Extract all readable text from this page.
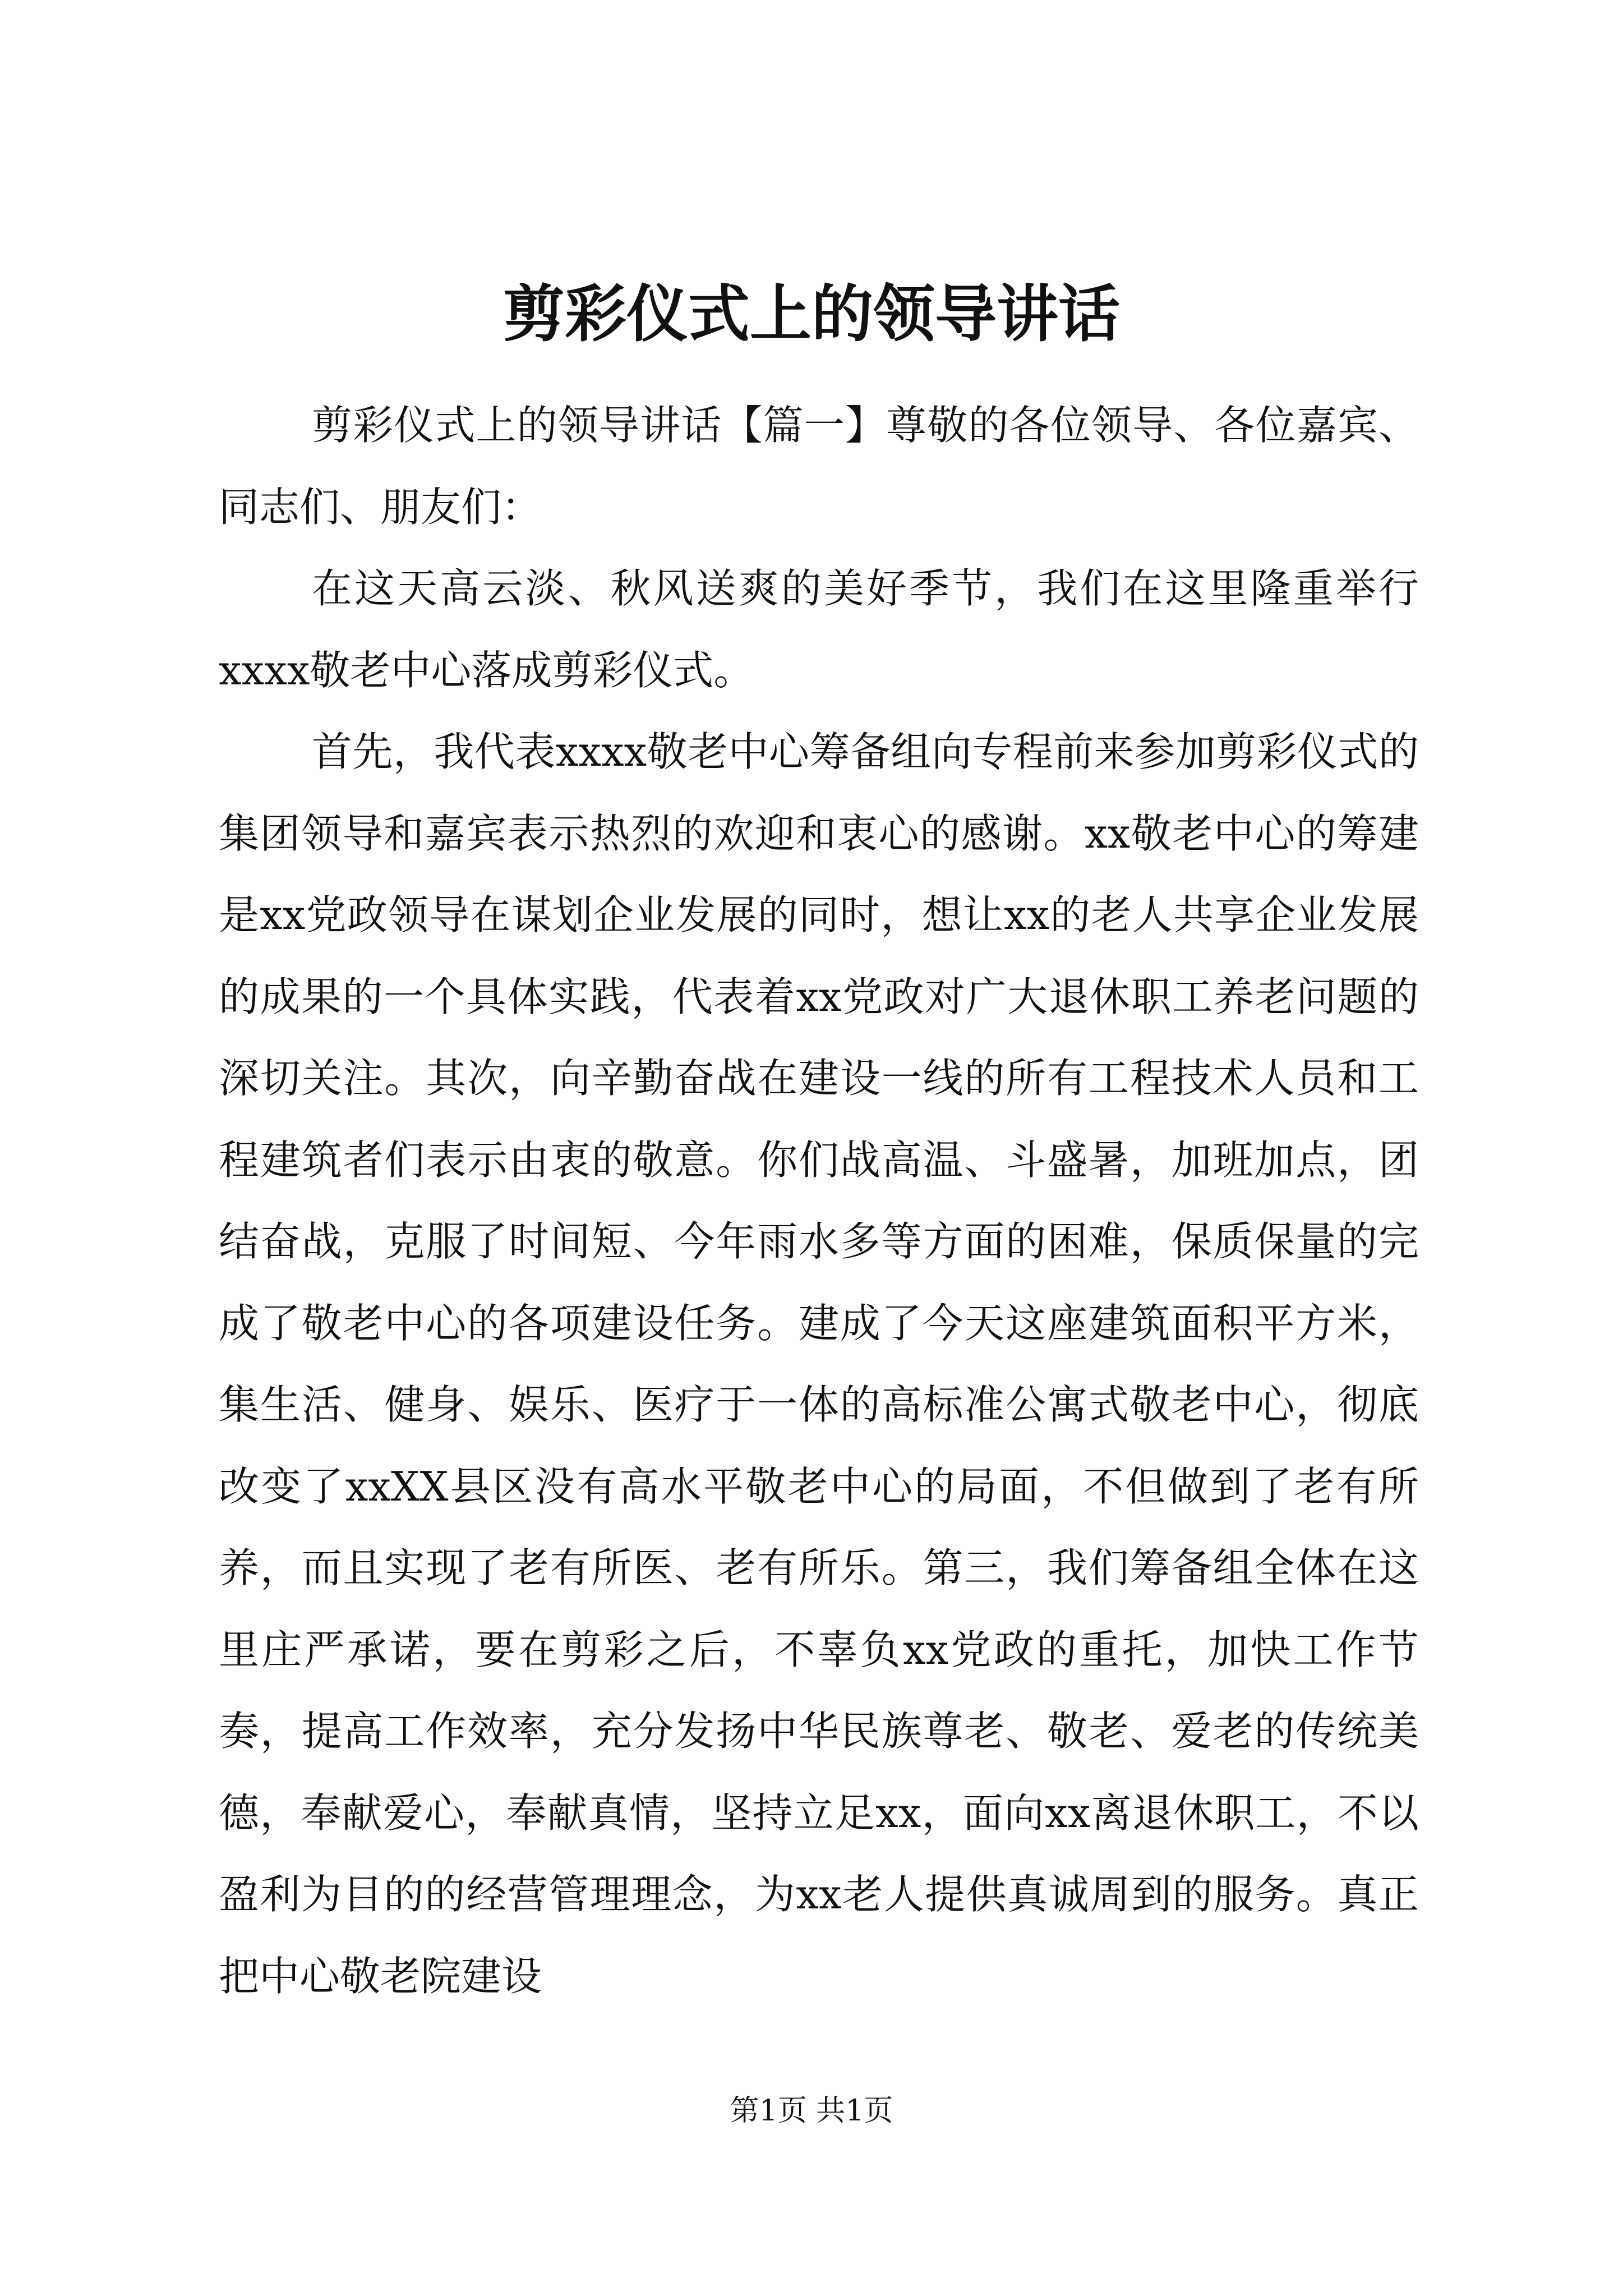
剪彩仪式上的领导讲话

剪彩仪式上的领导讲话【篇一】尊敬的各位领导、各位嘉宾、同志们、朋友们：

在这天高云淡、秋风送爽的美好季节，我们在这里隆重举行xxxx敬老中心落成剪彩仪式。

首先，我代表xxxx敬老中心筹备组向专程前来参加剪彩仪式的集团领导和嘉宾表示热烈的欢迎和衷心的感谢。xx敬老中心的筹建是xx党政领导在谋划企业发展的同时，想让xx的老人共享企业发展的成果的一个具体实践，代表着xx党政对广大退休职工养老问题的深切关注。其次，向辛勤奋战在建设一线的所有工程技术人员和工程建筑者们表示由衷的敬意。你们战高温、斗盛暑，加班加点，团结奋战，克服了时间短、今年雨水多等方面的困难，保质保量的完成了敬老中心的各项建设任务。建成了今天这座建筑面积平方米，集生活、健身、娱乐、医疗于一体的高标准公寓式敬老中心，彻底改变了xxXX县区没有高水平敬老中心的局面，不但做到了老有所养，而且实现了老有所医、老有所乐。第三，我们筹备组全体在这里庄严承诺，要在剪彩之后，不辜负xx党政的重托，加快工作节奏，提高工作效率，充分发扬中华民族尊老、敬老、爱老的传统美德，奉献爱心，奉献真情，坚持立足xx，面向xx离退休职工，不以盈利为目的的经营管理理念，为xx老人提供真诚周到的服务。真正把中心敬老院建设

第1页 共1页
